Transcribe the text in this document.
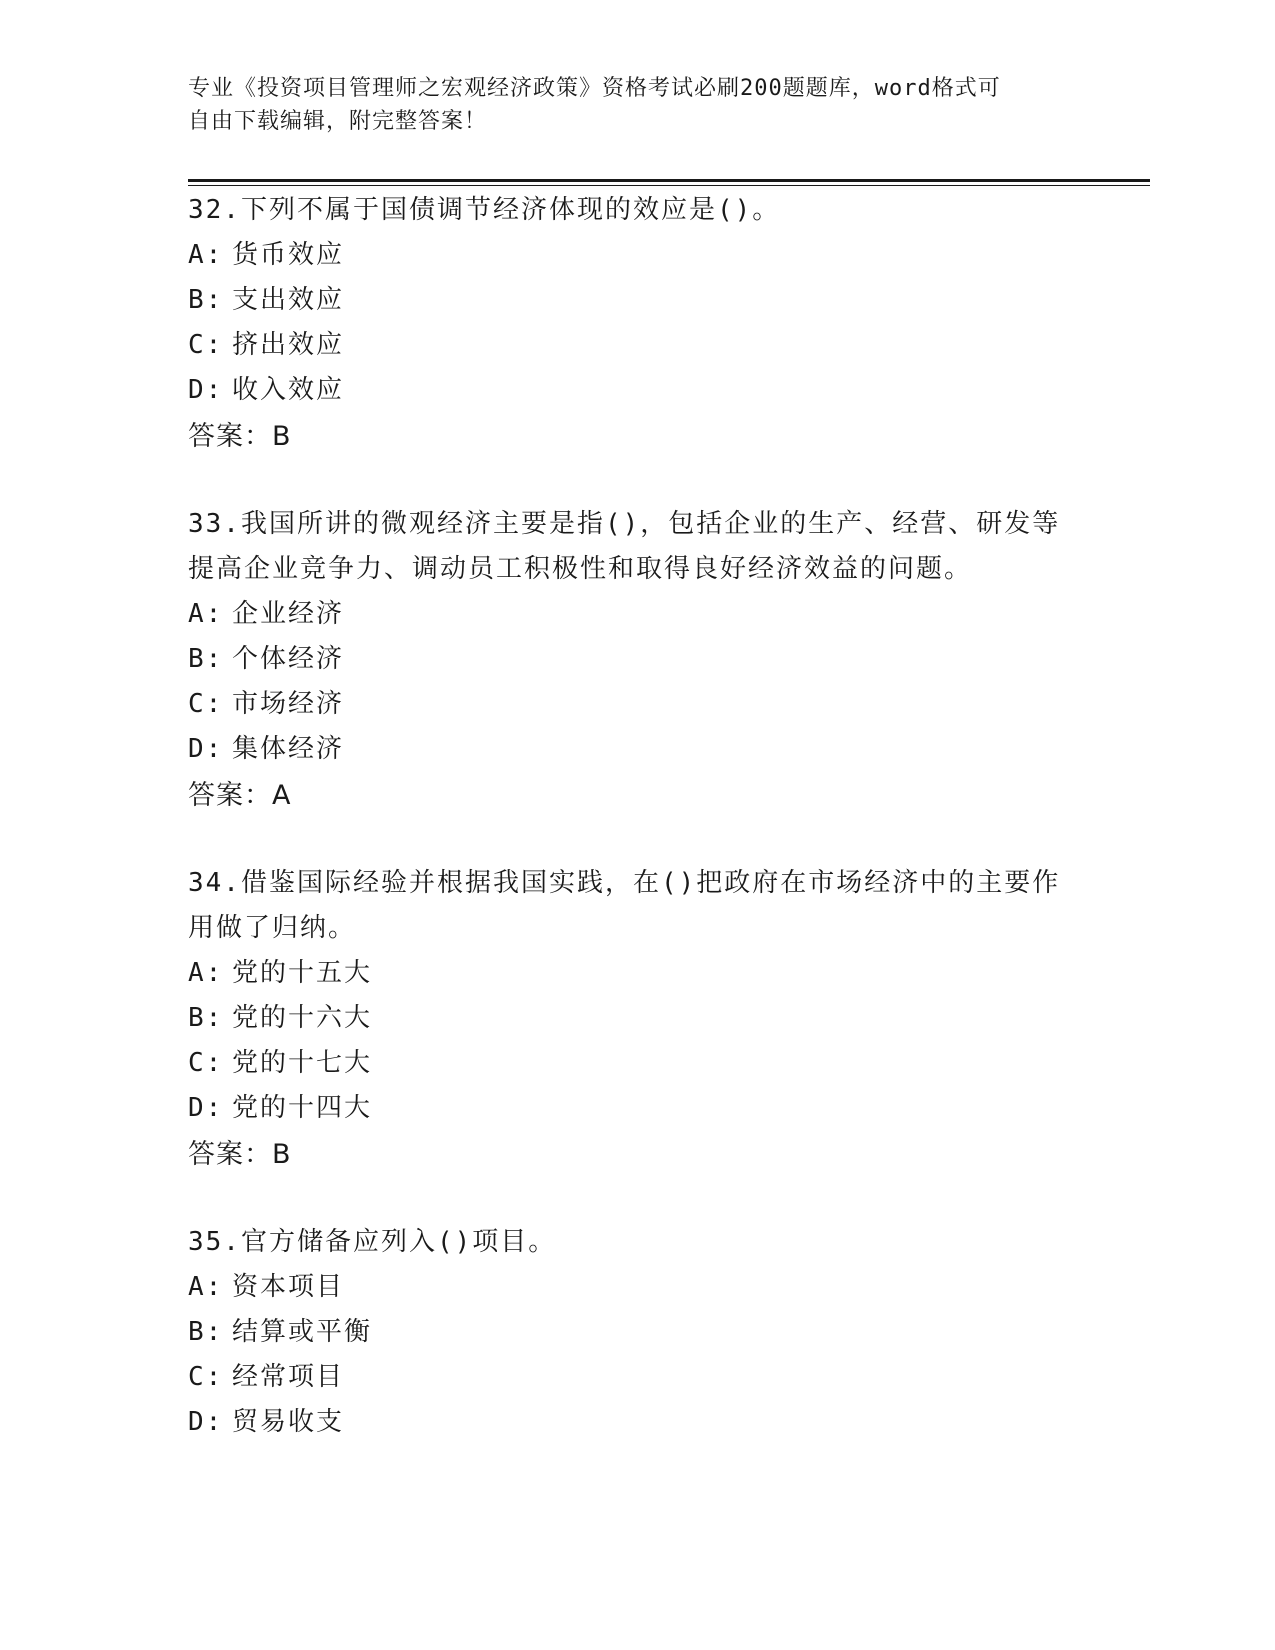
专业《投资项目管理师之宏观经济政策》资格考试必刷200题题库，word格式可
自由下载编辑，附完整答案！
32.下列不属于国债调节经济体现的效应是()。
A: 货币效应
B: 支出效应
C: 挤出效应
D: 收入效应
答案：B
33.我国所讲的微观经济主要是指()，包括企业的生产、经营、研发等
提高企业竞争力、调动员工积极性和取得良好经济效益的问题。
A: 企业经济
B: 个体经济
C: 市场经济
D: 集体经济
答案：A
34.借鉴国际经验并根据我国实践，在()把政府在市场经济中的主要作
用做了归纳。
A: 党的十五大
B: 党的十六大
C: 党的十七大
D: 党的十四大
答案：B
35.官方储备应列入()项目。
A: 资本项目
B: 结算或平衡
C: 经常项目
D: 贸易收支
